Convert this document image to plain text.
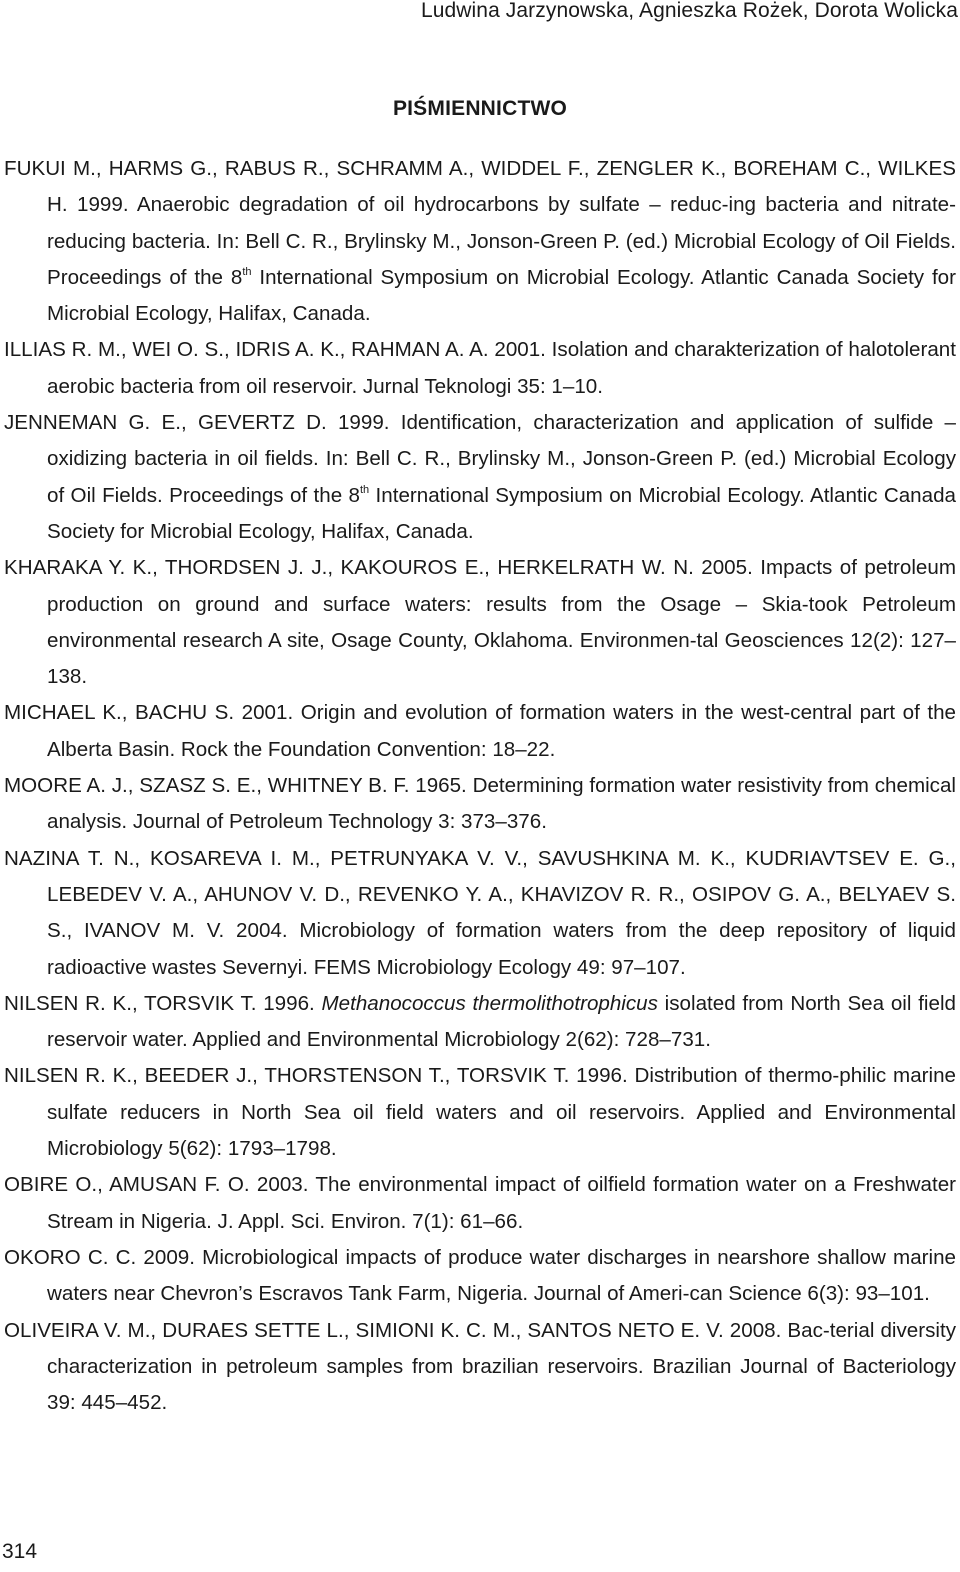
Ludwina Jarzynowska, Agnieszka Rożek, Dorota Wolicka
PIŚMIENNICTWO

FUKUI M., HARMS G., RABUS R., SCHRAMM A., WIDDEL F., ZENGLER K., BOREHAM C., WILKES H. 1999. Anaerobic degradation of oil hydrocarbons by sulfate – reduc-ing bacteria and nitrate-reducing bacteria. In: Bell C. R., Brylinsky M., Jonson-Green P. (ed.) Microbial Ecology of Oil Fields. Proceedings of the 8th International Symposium on Microbial Ecology. Atlantic Canada Society for Microbial Ecology, Halifax, Canada.

ILLIAS R. M., WEI O. S., IDRIS A. K., RAHMAN A. A. 2001. Isolation and charakterization of halotolerant aerobic bacteria from oil reservoir. Jurnal Teknologi 35: 1–10.

JENNEMAN G. E., GEVERTZ D. 1999. Identification, characterization and application of sulfide – oxidizing bacteria in oil fields. In: Bell C. R., Brylinsky M., Jonson-Green P. (ed.) Microbial Ecology of Oil Fields. Proceedings of the 8th International Symposium on Microbial Ecology. Atlantic Canada Society for Microbial Ecology, Halifax, Canada.

KHARAKA Y. K., THORDSEN J. J., KAKOUROS E., HERKELRATH W. N. 2005. Impacts of petroleum production on ground and surface waters: results from the Osage – Skia-took Petroleum environmental research A site, Osage County, Oklahoma. Environmen-tal Geosciences 12(2): 127–138.

MICHAEL K., BACHU S. 2001. Origin and evolution of formation waters in the west-central part of the Alberta Basin. Rock the Foundation Convention: 18–22.

MOORE A. J., SZASZ S. E., WHITNEY B. F. 1965. Determining formation water resistivity from chemical analysis. Journal of Petroleum Technology 3: 373–376.

NAZINA T. N., KOSAREVA I. M., PETRUNYAKA V. V., SAVUSHKINA M. K., KUDRIAVTSEV E. G., LEBEDEV V. A., AHUNOV V. D., REVENKO Y. A., KHAVIZOV R. R., OSIPOV G. A., BELYAEV S. S., IVANOV M. V. 2004. Microbiology of formation waters from the deep repository of liquid radioactive wastes Severnyi. FEMS Microbiology Ecology 49: 97–107.

NILSEN R. K., TORSVIK T. 1996. Methanococcus thermolithotrophicus isolated from North Sea oil field reservoir water. Applied and Environmental Microbiology 2(62): 728–731.

NILSEN R. K., BEEDER J., THORSTENSON T., TORSVIK T. 1996. Distribution of thermo-philic marine sulfate reducers in North Sea oil field waters and oil reservoirs. Applied and Environmental Microbiology 5(62): 1793–1798.

OBIRE O., AMUSAN F. O. 2003. The environmental impact of oilfield formation water on a Freshwater Stream in Nigeria. J. Appl. Sci. Environ. 7(1): 61–66.

OKORO C. C. 2009. Microbiological impacts of produce water discharges in nearshore shallow marine waters near Chevron’s Escravos Tank Farm, Nigeria. Journal of Ameri-can Science 6(3): 93–101.

OLIVEIRA V. M., DURAES SETTE L., SIMIONI K. C. M., SANTOS NETO E. V. 2008. Bac-terial diversity characterization in petroleum samples from brazilian reservoirs. Brazilian Journal of Bacteriology 39: 445–452.

314
